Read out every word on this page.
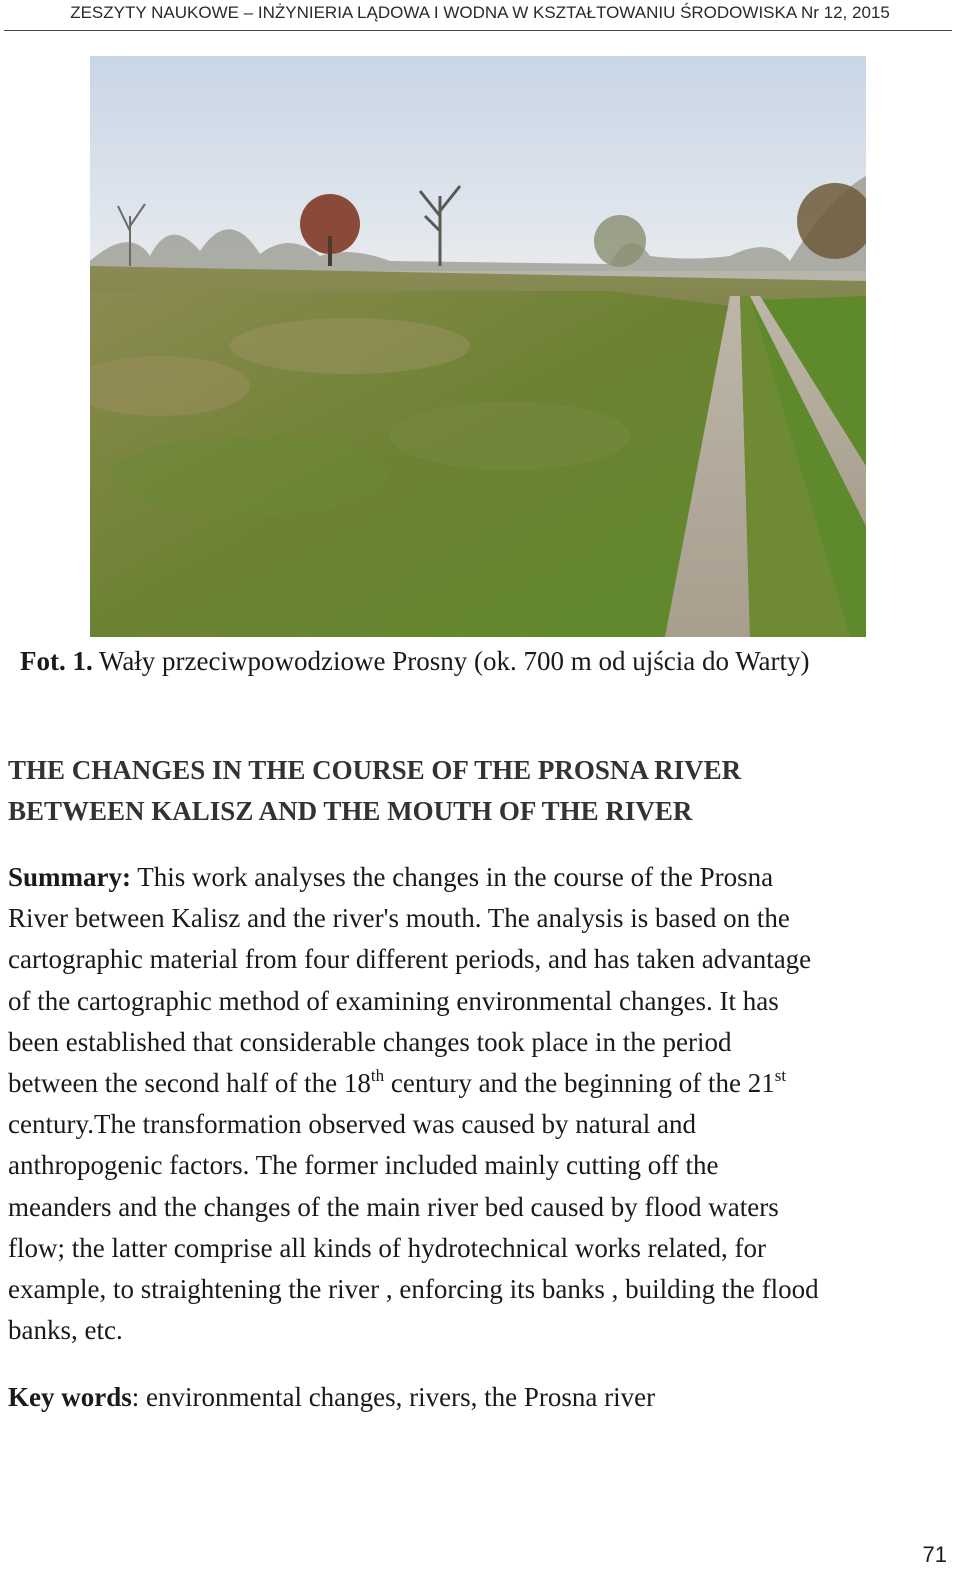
ZESZYTY NAUKOWE – INŻYNIERIA LĄDOWA I WODNA W KSZTAŁTOWANIU ŚRODOWISKA Nr 12, 2015
Fot. 1. Wały przeciwpowodziowe Prosny (ok. 700 m od ujścia do Warty)
THE CHANGES IN THE COURSE OF THE PROSNA RIVER
BETWEEN KALISZ AND THE MOUTH OF THE RIVER
Summary: This work analyses the changes in the course of the Prosna
River between Kalisz and the river's mouth. The analysis is based on the
cartographic material from four different periods, and has taken advantage
of the cartographic method of examining environmental changes. It has
been established that considerable changes took place in the period
between the second half of the 18th century and the beginning of the 21st
century.The transformation observed was caused by natural and
anthropogenic factors. The former included mainly cutting off the
meanders and the changes of the main river bed caused by flood waters
flow; the latter comprise all kinds of hydrotechnical works related, for
example, to straightening the river , enforcing its banks , building the flood
banks, etc.
Key words: environmental changes, rivers, the Prosna river
71
